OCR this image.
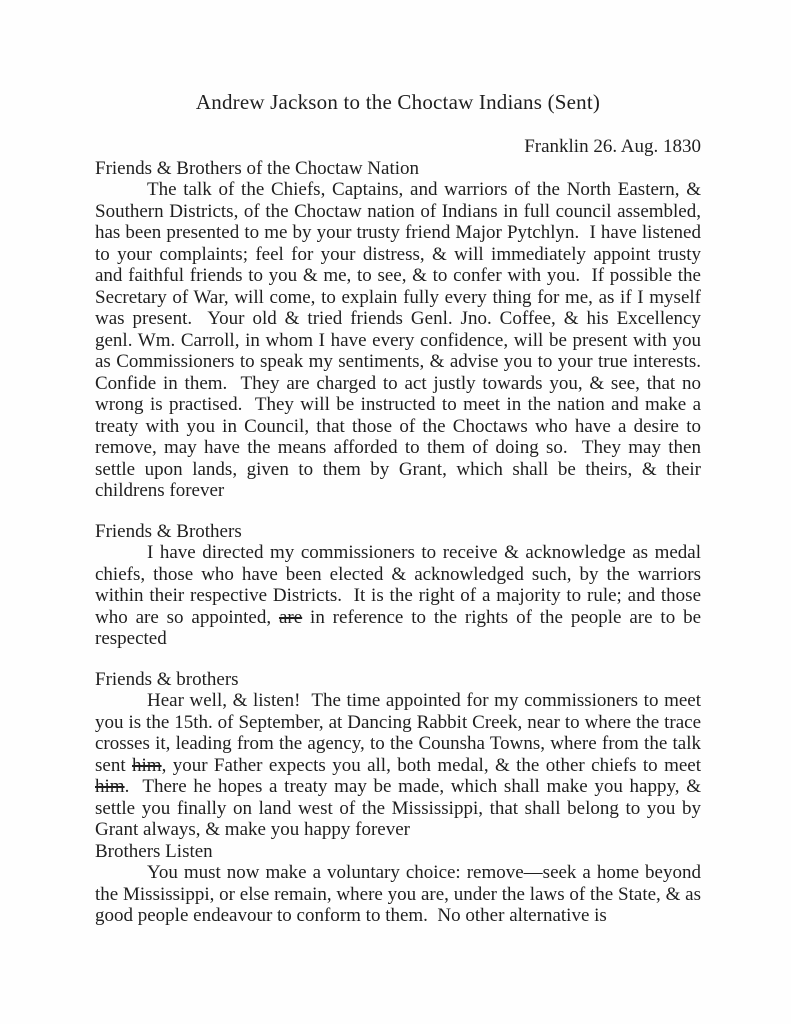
Andrew Jackson to the Choctaw Indians (Sent)

Franklin 26. Aug. 1830

Friends & Brothers of the Choctaw Nation
The talk of the Chiefs, Captains, and warriors of the North Eastern, & Southern Districts, of the Choctaw nation of Indians in full council assembled, has been presented to me by your trusty friend Major Pytchlyn.  I have listened to your complaints; feel for your distress, & will immediately appoint trusty and faithful friends to you & me, to see, & to confer with you.  If possible the Secretary of War, will come, to explain fully every thing for me, as if I myself was present.  Your old & tried friends Genl. Jno. Coffee, & his Excellency genl. Wm. Carroll, in whom I have every confidence, will be present with you as Commissioners to speak my sentiments, & advise you to your true interests. Confide in them.  They are charged to act justly towards you, & see, that no wrong is practised.  They will be instructed to meet in the nation and make a treaty with you in Council, that those of the Choctaws who have a desire to remove, may have the means afforded to them of doing so.  They may then settle upon lands, given to them by Grant, which shall be theirs, & their childrens forever
Friends & Brothers
I have directed my commissioners to receive & acknowledge as medal chiefs, those who have been elected & acknowledged such, by the warriors within their respective Districts.  It is the right of a majority to rule; and those who are so appointed, are in reference to the rights of the people are to be respected
Friends & brothers
Hear well, & listen!  The time appointed for my commissioners to meet you is the 15th. of September, at Dancing Rabbit Creek, near to where the trace crosses it, leading from the agency, to the Counsha Towns, where from the talk sent him, your Father expects you all, both medal, & the other chiefs to meet him.  There he hopes a treaty may be made, which shall make you happy, & settle you finally on land west of the Mississippi, that shall belong to you by Grant always, & make you happy forever
Brothers Listen
You must now make a voluntary choice: remove—seek a home beyond the Mississippi, or else remain, where you are, under the laws of the State, & as good people endeavour to conform to them.  No other alternative is
